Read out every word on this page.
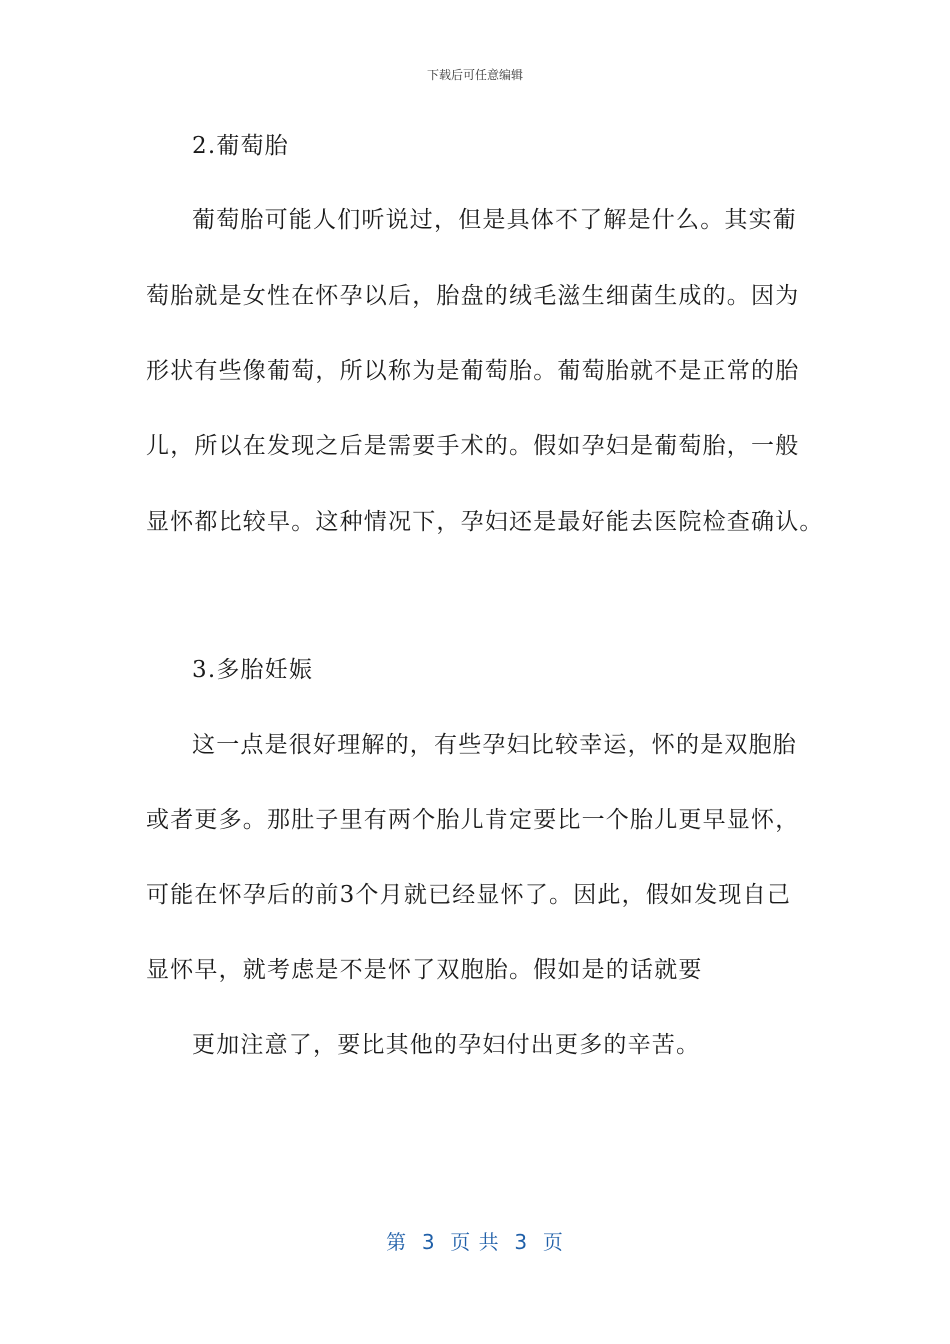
下载后可任意编辑
2.葡萄胎
葡萄胎可能人们听说过，但是具体不了解是什么。其实葡
萄胎就是女性在怀孕以后，胎盘的绒毛滋生细菌生成的。因为
形状有些像葡萄，所以称为是葡萄胎。葡萄胎就不是正常的胎
儿，所以在发现之后是需要手术的。假如孕妇是葡萄胎，一般
显怀都比较早。这种情况下，孕妇还是最好能去医院检查确认。
3.多胎妊娠
这一点是很好理解的，有些孕妇比较幸运，怀的是双胞胎
或者更多。那肚子里有两个胎儿肯定要比一个胎儿更早显怀，
可能在怀孕后的前3个月就已经显怀了。因此，假如发现自己
显怀早，就考虑是不是怀了双胞胎。假如是的话就要
更加注意了，要比其他的孕妇付出更多的辛苦。
第  3  页 共  3  页
